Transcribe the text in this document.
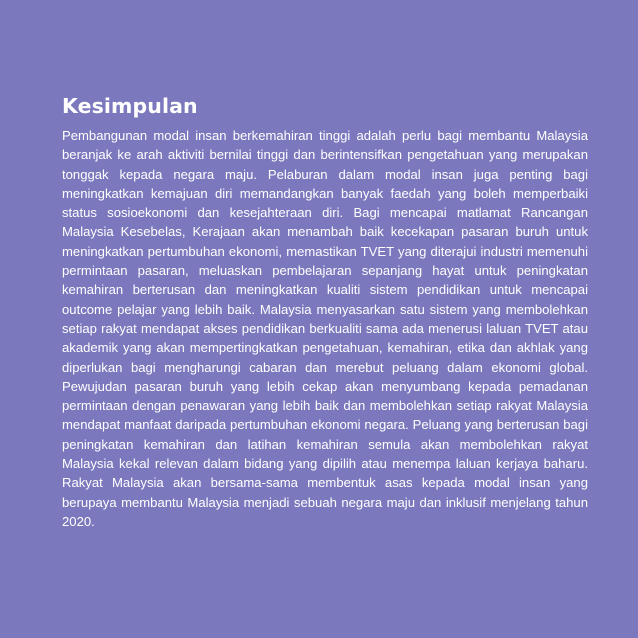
Kesimpulan

Pembangunan modal insan berkemahiran tinggi adalah perlu bagi membantu Malaysia beranjak ke arah aktiviti bernilai tinggi dan berintensifkan pengetahuan yang merupakan tonggak kepada negara maju. Pelaburan dalam modal insan juga penting bagi meningkatkan kemajuan diri memandangkan banyak faedah yang boleh memperbaiki status sosioekonomi dan kesejahteraan diri. Bagi mencapai matlamat Rancangan Malaysia Kesebelas, Kerajaan akan menambah baik kecekapan pasaran buruh untuk meningkatkan pertumbuhan ekonomi, memastikan TVET yang diterajui industri memenuhi permintaan pasaran, meluaskan pembelajaran sepanjang hayat untuk peningkatan kemahiran berterusan dan meningkatkan kualiti sistem pendidikan untuk mencapai outcome pelajar yang lebih baik. Malaysia menyasarkan satu sistem yang membolehkan setiap rakyat mendapat akses pendidikan berkualiti sama ada menerusi laluan TVET atau akademik yang akan mempertingkatkan pengetahuan, kemahiran, etika dan akhlak yang diperlukan bagi mengharungi cabaran dan merebut peluang dalam ekonomi global. Pewujudan pasaran buruh yang lebih cekap akan menyumbang kepada pemadanan permintaan dengan penawaran yang lebih baik dan membolehkan setiap rakyat Malaysia mendapat manfaat daripada pertumbuhan ekonomi negara. Peluang yang berterusan bagi peningkatan kemahiran dan latihan kemahiran semula akan membolehkan rakyat Malaysia kekal relevan dalam bidang yang dipilih atau menempa laluan kerjaya baharu. Rakyat Malaysia akan bersama-sama membentuk asas kepada modal insan yang berupaya membantu Malaysia menjadi sebuah negara maju dan inklusif menjelang tahun 2020.
